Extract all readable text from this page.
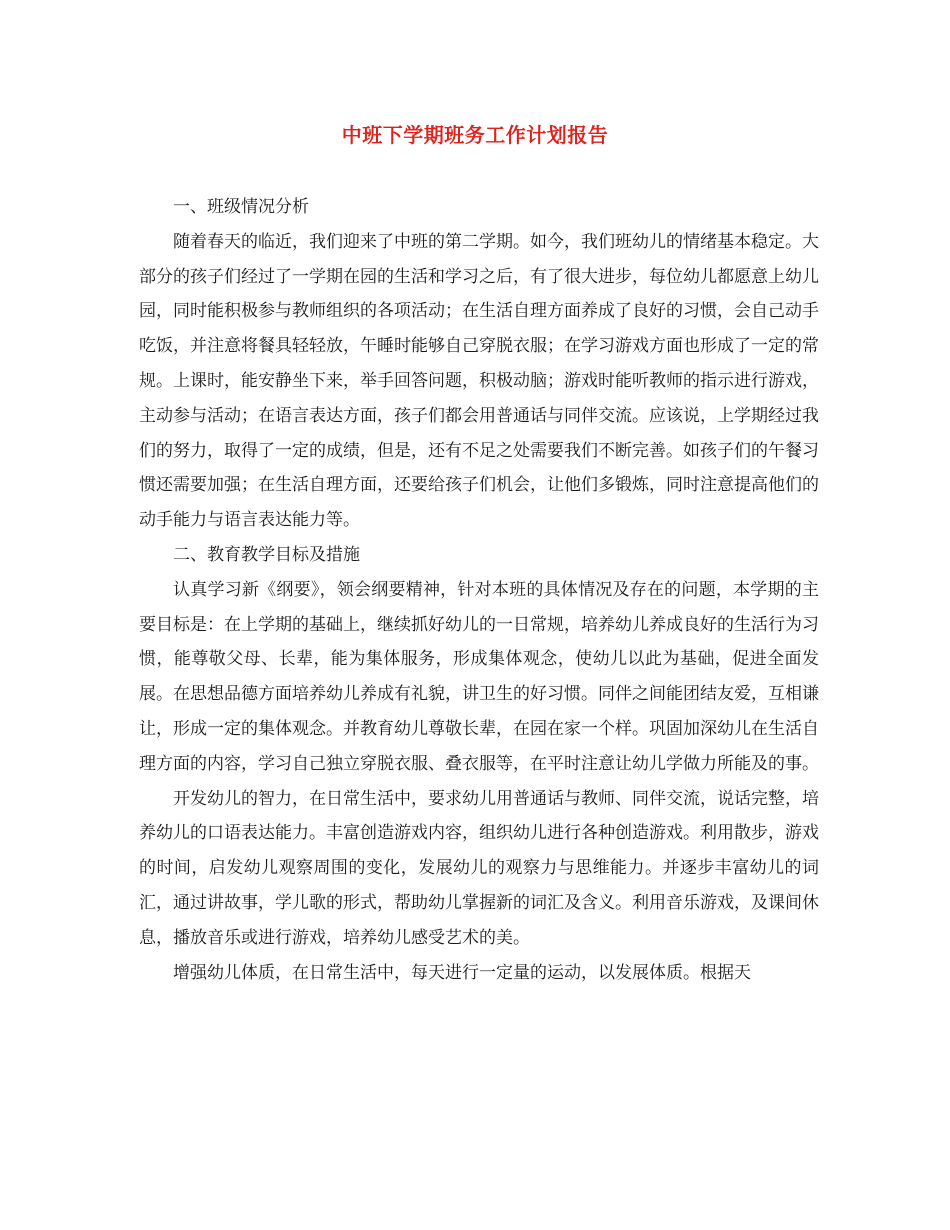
中班下学期班务工作计划报告

一、班级情况分析

随着春天的临近，我们迎来了中班的第二学期。如今，我们班幼儿的情绪基本稳定。大部分的孩子们经过了一学期在园的生活和学习之后，有了很大进步，每位幼儿都愿意上幼儿园，同时能积极参与教师组织的各项活动；在生活自理方面养成了良好的习惯，会自己动手吃饭，并注意将餐具轻轻放，午睡时能够自己穿脱衣服；在学习游戏方面也形成了一定的常规。上课时，能安静坐下来，举手回答问题，积极动脑；游戏时能听教师的指示进行游戏，主动参与活动；在语言表达方面，孩子们都会用普通话与同伴交流。应该说，上学期经过我们的努力，取得了一定的成绩，但是，还有不足之处需要我们不断完善。如孩子们的午餐习惯还需要加强；在生活自理方面，还要给孩子们机会，让他们多锻炼，同时注意提高他们的动手能力与语言表达能力等。

二、教育教学目标及措施

认真学习新《纲要》，领会纲要精神，针对本班的具体情况及存在的问题，本学期的主要目标是：在上学期的基础上，继续抓好幼儿的一日常规，培养幼儿养成良好的生活行为习惯，能尊敬父母、长辈，能为集体服务，形成集体观念，使幼儿以此为基础，促进全面发展。在思想品德方面培养幼儿养成有礼貌，讲卫生的好习惯。同伴之间能团结友爱，互相谦让，形成一定的集体观念。并教育幼儿尊敬长辈，在园在家一个样。巩固加深幼儿在生活自理方面的内容，学习自己独立穿脱衣服、叠衣服等，在平时注意让幼儿学做力所能及的事。

开发幼儿的智力，在日常生活中，要求幼儿用普通话与教师、同伴交流，说话完整，培养幼儿的口语表达能力。丰富创造游戏内容，组织幼儿进行各种创造游戏。利用散步，游戏的时间，启发幼儿观察周围的变化，发展幼儿的观察力与思维能力。并逐步丰富幼儿的词汇，通过讲故事，学儿歌的形式，帮助幼儿掌握新的词汇及含义。利用音乐游戏，及课间休息，播放音乐或进行游戏，培养幼儿感受艺术的美。

增强幼儿体质，在日常生活中，每天进行一定量的运动，以发展体质。根据天
